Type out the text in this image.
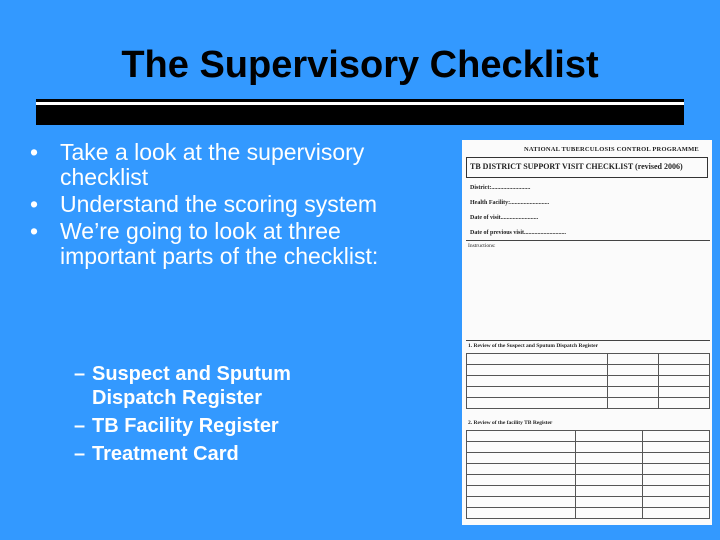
The Supervisory Checklist
• Take a look at the supervisory checklist
• Understand the scoring system
• We’re going to look at three important parts of the checklist:
– Suspect and Sputum Dispatch Register
– TB Facility Register
– Treatment Card
NATIONAL TUBERCULOSIS CONTROL PROGRAMME
TB DISTRICT SUPPORT VISIT CHECKLIST (revised 2006)
District:..........................
Health Facility:..........................
Date of visit.........................
Date of previous visit............................
Instructions:
1. Review of the Suspect and Sputum Dispatch Register

2. Review of the facility TB Register
